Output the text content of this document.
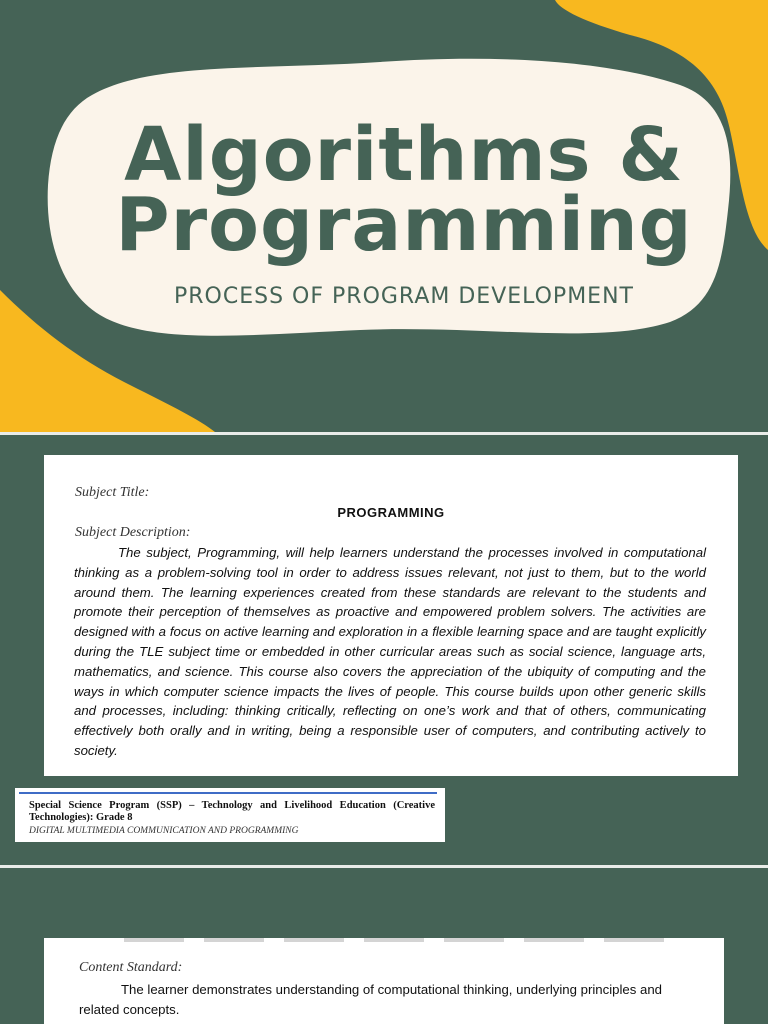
Algorithms &
Programming
PROCESS OF PROGRAM DEVELOPMENT
Subject Title:
PROGRAMMING
Subject Description:
The subject, Programming, will help learners understand the processes involved in computational thinking as a problem-solving tool in order to address issues relevant, not just to them, but to the world around them. The learning experiences created from these standards are relevant to the students and promote their perception of themselves as proactive and empowered problem solvers. The activities are designed with a focus on active learning and exploration in a flexible learning space and are taught explicitly during the TLE subject time or embedded in other curricular areas such as social science, language arts, mathematics, and science. This course also covers the appreciation of the ubiquity of computing and the ways in which computer science impacts the lives of people. This course builds upon other generic skills and processes, including: thinking critically, reflecting on one’s work and that of others, communicating effectively both orally and in writing, being a responsible user of computers, and contributing actively to society.
Special Science Program (SSP) – Technology and Livelihood Education (Creative Technologies): Grade 8
DIGITAL MULTIMEDIA COMMUNICATION AND PROGRAMMING
Content Standard:
The learner demonstrates understanding of computational thinking, underlying principles and related concepts.
